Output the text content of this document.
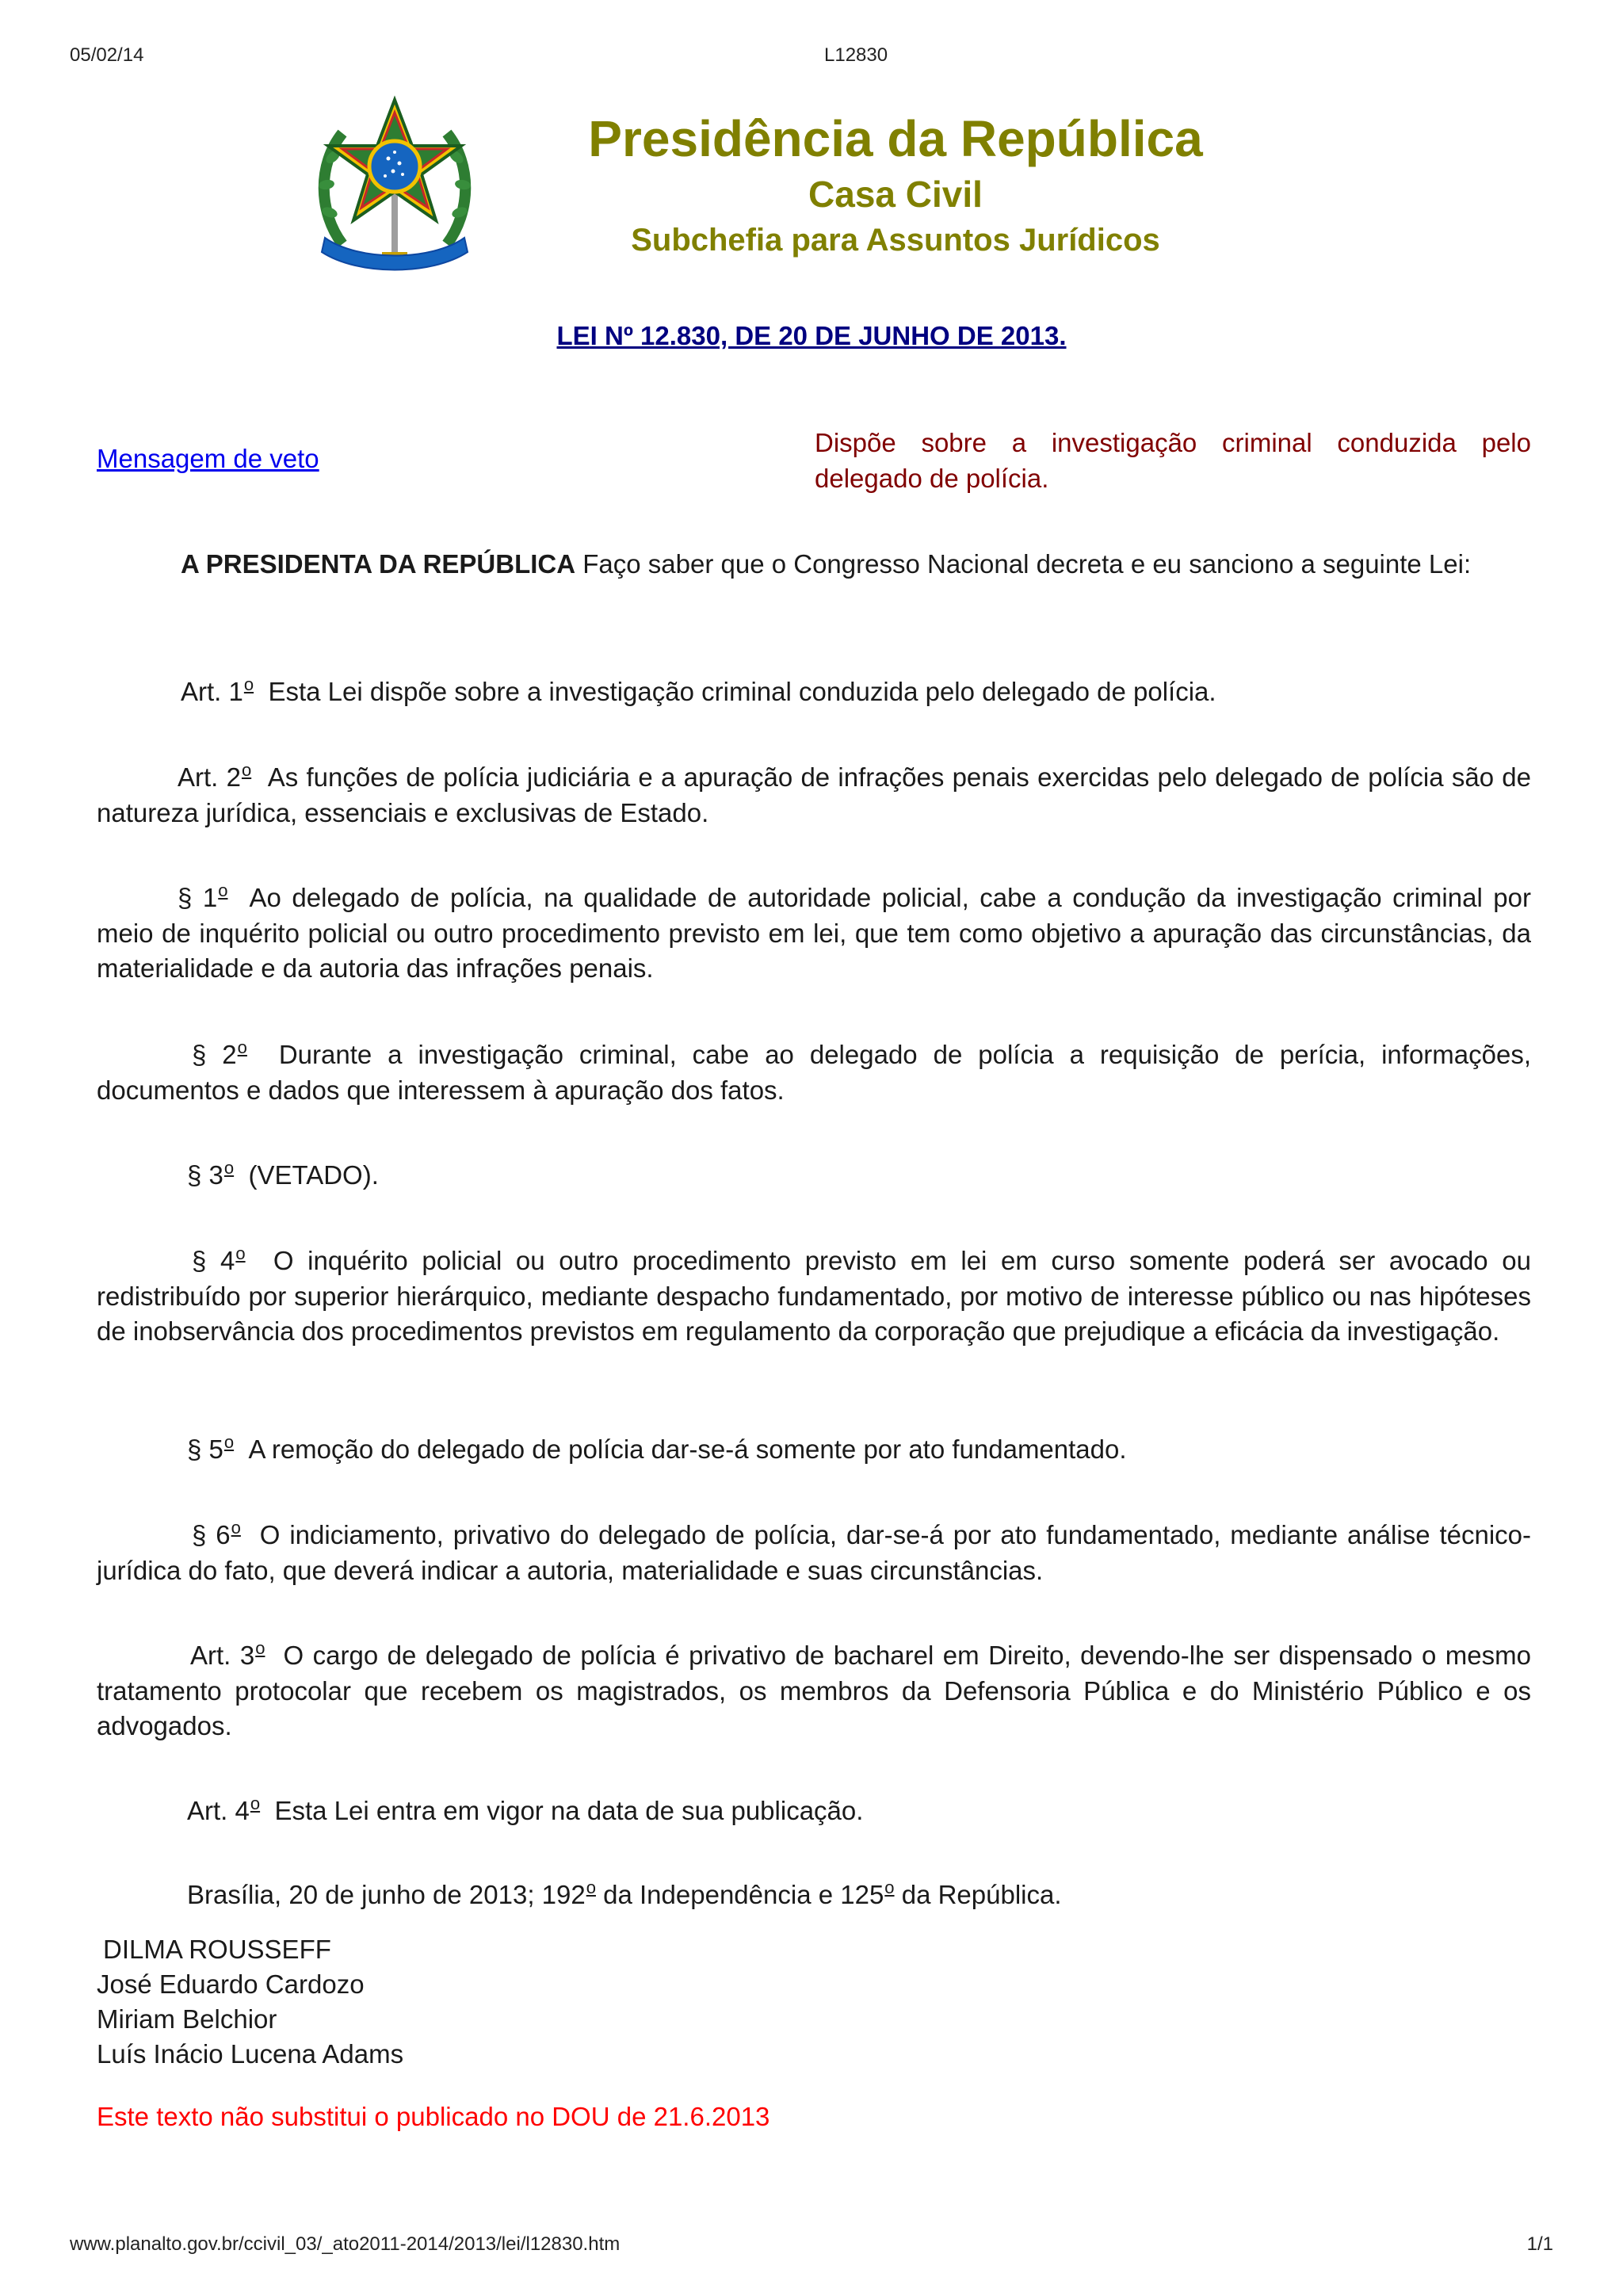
05/02/14	L12830
Presidência da República
Casa Civil
Subchefia para Assuntos Jurídicos
LEI Nº 12.830, DE 20 DE JUNHO DE 2013.
Mensagem de veto
Dispõe sobre a investigação criminal conduzida pelo delegado de polícia.

A PRESIDENTA DA REPÚBLICA Faço saber que o Congresso Nacional decreta e eu sanciono a seguinte Lei:

Art. 1$^o$ Esta Lei dispõe sobre a investigação criminal conduzida pelo delegado de polícia.

Art. 2$^o$ As funções de polícia judiciária e a apuração de infrações penais exercidas pelo delegado de polícia são de natureza jurídica, essenciais e exclusivas de Estado.

§ 1$^o$ Ao delegado de polícia, na qualidade de autoridade policial, cabe a condução da investigação criminal por meio de inquérito policial ou outro procedimento previsto em lei, que tem como objetivo a apuração das circunstâncias, da materialidade e da autoria das infrações penais.

§ 2$^o$ Durante a investigação criminal, cabe ao delegado de polícia a requisição de perícia, informações, documentos e dados que interessem à apuração dos fatos.

§ 3$^o$ (VETADO).

§ 4$^o$ O inquérito policial ou outro procedimento previsto em lei em curso somente poderá ser avocado ou redistribuído por superior hierárquico, mediante despacho fundamentado, por motivo de interesse público ou nas hipóteses de inobservância dos procedimentos previstos em regulamento da corporação que prejudique a eficácia da investigação.

§ 5$^o$ A remoção do delegado de polícia dar-se-á somente por ato fundamentado.

§ 6$^o$ O indiciamento, privativo do delegado de polícia, dar-se-á por ato fundamentado, mediante análise técnico-jurídica do fato, que deverá indicar a autoria, materialidade e suas circunstâncias.

Art. 3$^o$ O cargo de delegado de polícia é privativo de bacharel em Direito, devendo-lhe ser dispensado o mesmo tratamento protocolar que recebem os magistrados, os membros da Defensoria Pública e do Ministério Público e os advogados.

Art. 4$^o$ Esta Lei entra em vigor na data de sua publicação.

Brasília, 20 de junho de 2013; 192$^o$ da Independência e 125$^o$ da República.

DILMA ROUSSEFF
José Eduardo Cardozo
Miriam Belchior
Luís Inácio Lucena Adams
Este texto não substitui o publicado no DOU de 21.6.2013
www.planalto.gov.br/ccivil_03/_ato2011-2014/2013/lei/l12830.htm	1/1
